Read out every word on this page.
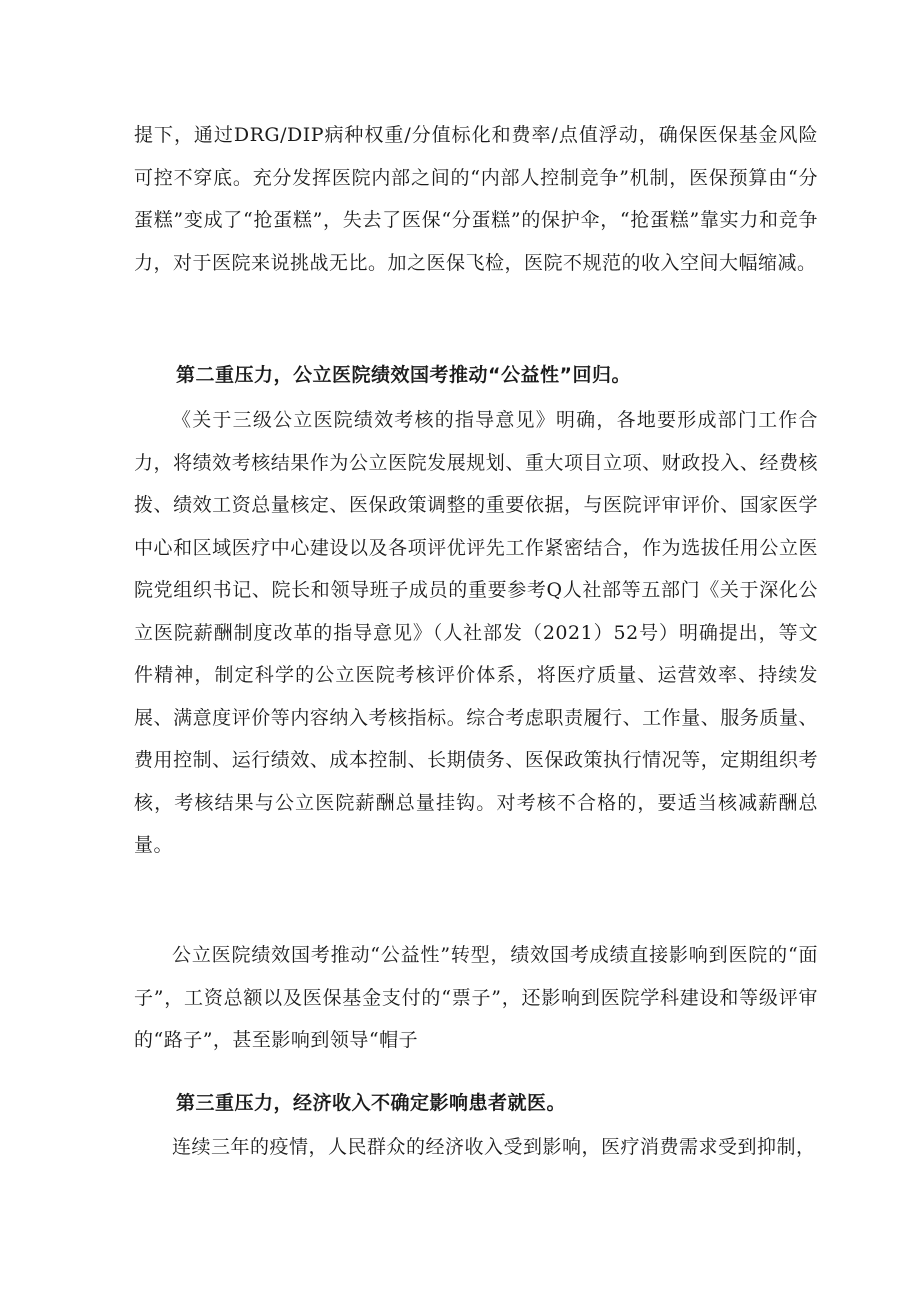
提下，通过DRG/DIP病种权重/分值标化和费率/点值浮动，确保医保基金风险可控不穿底。充分发挥医院内部之间的“内部人控制竞争”机制，医保预算由“分蛋糕”变成了“抢蛋糕”，失去了医保“分蛋糕”的保护伞，“抢蛋糕”靠实力和竞争力，对于医院来说挑战无比。加之医保飞检，医院不规范的收入空间大幅缩减。

第二重压力，公立医院绩效国考推动“公益性”回归。

《关于三级公立医院绩效考核的指导意见》明确，各地要形成部门工作合力，将绩效考核结果作为公立医院发展规划、重大项目立项、财政投入、经费核拨、绩效工资总量核定、医保政策调整的重要依据，与医院评审评价、国家医学中心和区域医疗中心建设以及各项评优评先工作紧密结合，作为选拔任用公立医院党组织书记、院长和领导班子成员的重要参考Q人社部等五部门《关于深化公立医院薪酬制度改革的指导意见》（人社部发（2021）52号）明确提出，等文件精神，制定科学的公立医院考核评价体系，将医疗质量、运营效率、持续发展、满意度评价等内容纳入考核指标。综合考虑职责履行、工作量、服务质量、费用控制、运行绩效、成本控制、长期债务、医保政策执行情况等，定期组织考核，考核结果与公立医院薪酬总量挂钩。对考核不合格的，要适当核减薪酬总量。

公立医院绩效国考推动“公益性”转型，绩效国考成绩直接影响到医院的“面子”，工资总额以及医保基金支付的“票子”，还影响到医院学科建设和等级评审的“路子”，甚至影响到领导“帽子

第三重压力，经济收入不确定影响患者就医。

连续三年的疫情，人民群众的经济收入受到影响，医疗消费需求受到抑制，
